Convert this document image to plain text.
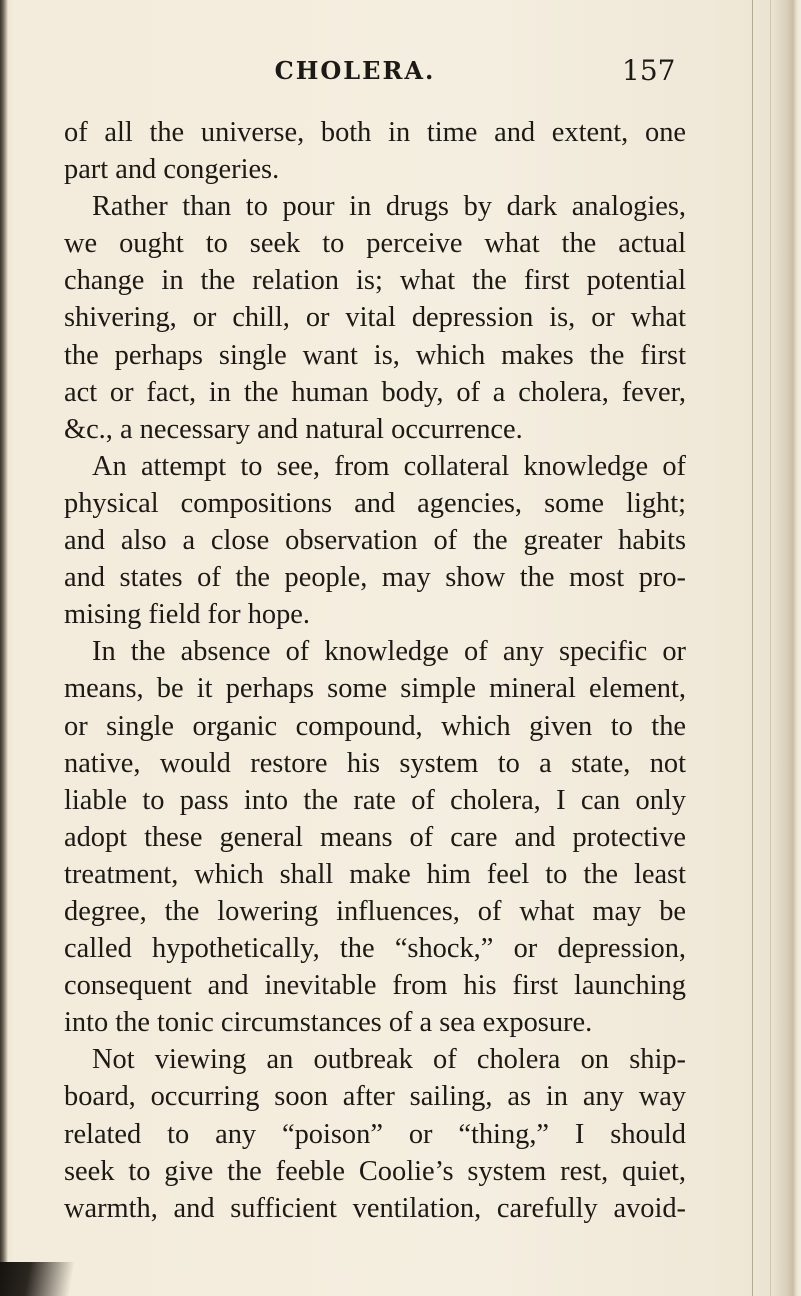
CHOLERA.	157
of all the universe, both in time and extent, one
part and congeries.
Rather than to pour in drugs by dark analogies,
we ought to seek to perceive what the actual
change in the relation is; what the first potential
shivering, or chill, or vital depression is, or what
the perhaps single want is, which makes the first
act or fact, in the human body, of a cholera, fever,
&c., a necessary and natural occurrence.
An attempt to see, from collateral knowledge of
physical compositions and agencies, some light;
and also a close observation of the greater habits
and states of the people, may show the most pro-
mising field for hope.
In the absence of knowledge of any specific or
means, be it perhaps some simple mineral element,
or single organic compound, which given to the
native, would restore his system to a state, not
liable to pass into the rate of cholera, I can only
adopt these general means of care and protective
treatment, which shall make him feel to the least
degree, the lowering influences, of what may be
called hypothetically, the “shock,” or depression,
consequent and inevitable from his first launching
into the tonic circumstances of a sea exposure.
Not viewing an outbreak of cholera on ship-
board, occurring soon after sailing, as in any way
related to any “poison” or “thing,” I should
seek to give the feeble Coolie’s system rest, quiet,
warmth, and sufficient ventilation, carefully avoid-
